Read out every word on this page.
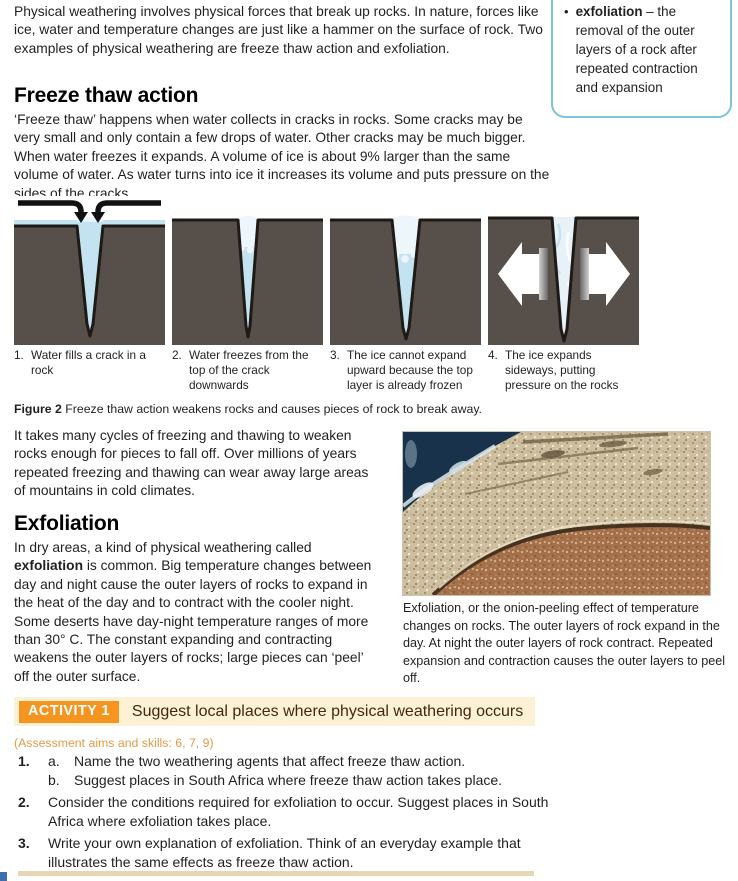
Physical weathering involves physical forces that break up rocks. In nature, forces like ice, water and temperature changes are just like a hammer on the surface of rock. Two examples of physical weathering are freeze thaw action and exfoliation.

• exfoliation – the removal of the outer layers of a rock after repeated contraction and expansion
Freeze thaw action

‘Freeze thaw’ happens when water collects in cracks in rocks. Some cracks may be very small and only contain a few drops of water. Other cracks may be much bigger. When water freezes it expands. A volume of ice is about 9% larger than the same volume of water. As water turns into ice it increases its volume and puts pressure on the sides of the cracks.

1. Water fills a crack in a rock
2. Water freezes from the top of the crack downwards
3. The ice cannot expand upward because the top layer is already frozen
4. The ice expands sideways, putting pressure on the rocks

Figure 2 Freeze thaw action weakens rocks and causes pieces of rock to break away.

It takes many cycles of freezing and thawing to weaken rocks enough for pieces to fall off. Over millions of years repeated freezing and thawing can wear away large areas of mountains in cold climates.

Exfoliation

In dry areas, a kind of physical weathering called exfoliation is common. Big temperature changes between day and night cause the outer layers of rocks to expand in the heat of the day and to contract with the cooler night. Some deserts have day-night temperature ranges of more than 30° C. The constant expanding and contracting weakens the outer layers of rocks; large pieces can ‘peel’ off the outer surface.

Exfoliation, or the onion-peeling effect of temperature changes on rocks. The outer layers of rock expand in the day. At night the outer layers of rock contract. Repeated expansion and contraction causes the outer layers to peel off.

ACTIVITY 1	Suggest local places where physical weathering occurs

(Assessment aims and skills: 6, 7, 9)

1.	a.	Name the two weathering agents that affect freeze thaw action.
b.	Suggest places in South Africa where freeze thaw action takes place.
2.	Consider the conditions required for exfoliation to occur. Suggest places in South Africa where exfoliation takes place.
3.	Write your own explanation of exfoliation. Think of an everyday example that illustrates the same effects as freeze thaw action.
